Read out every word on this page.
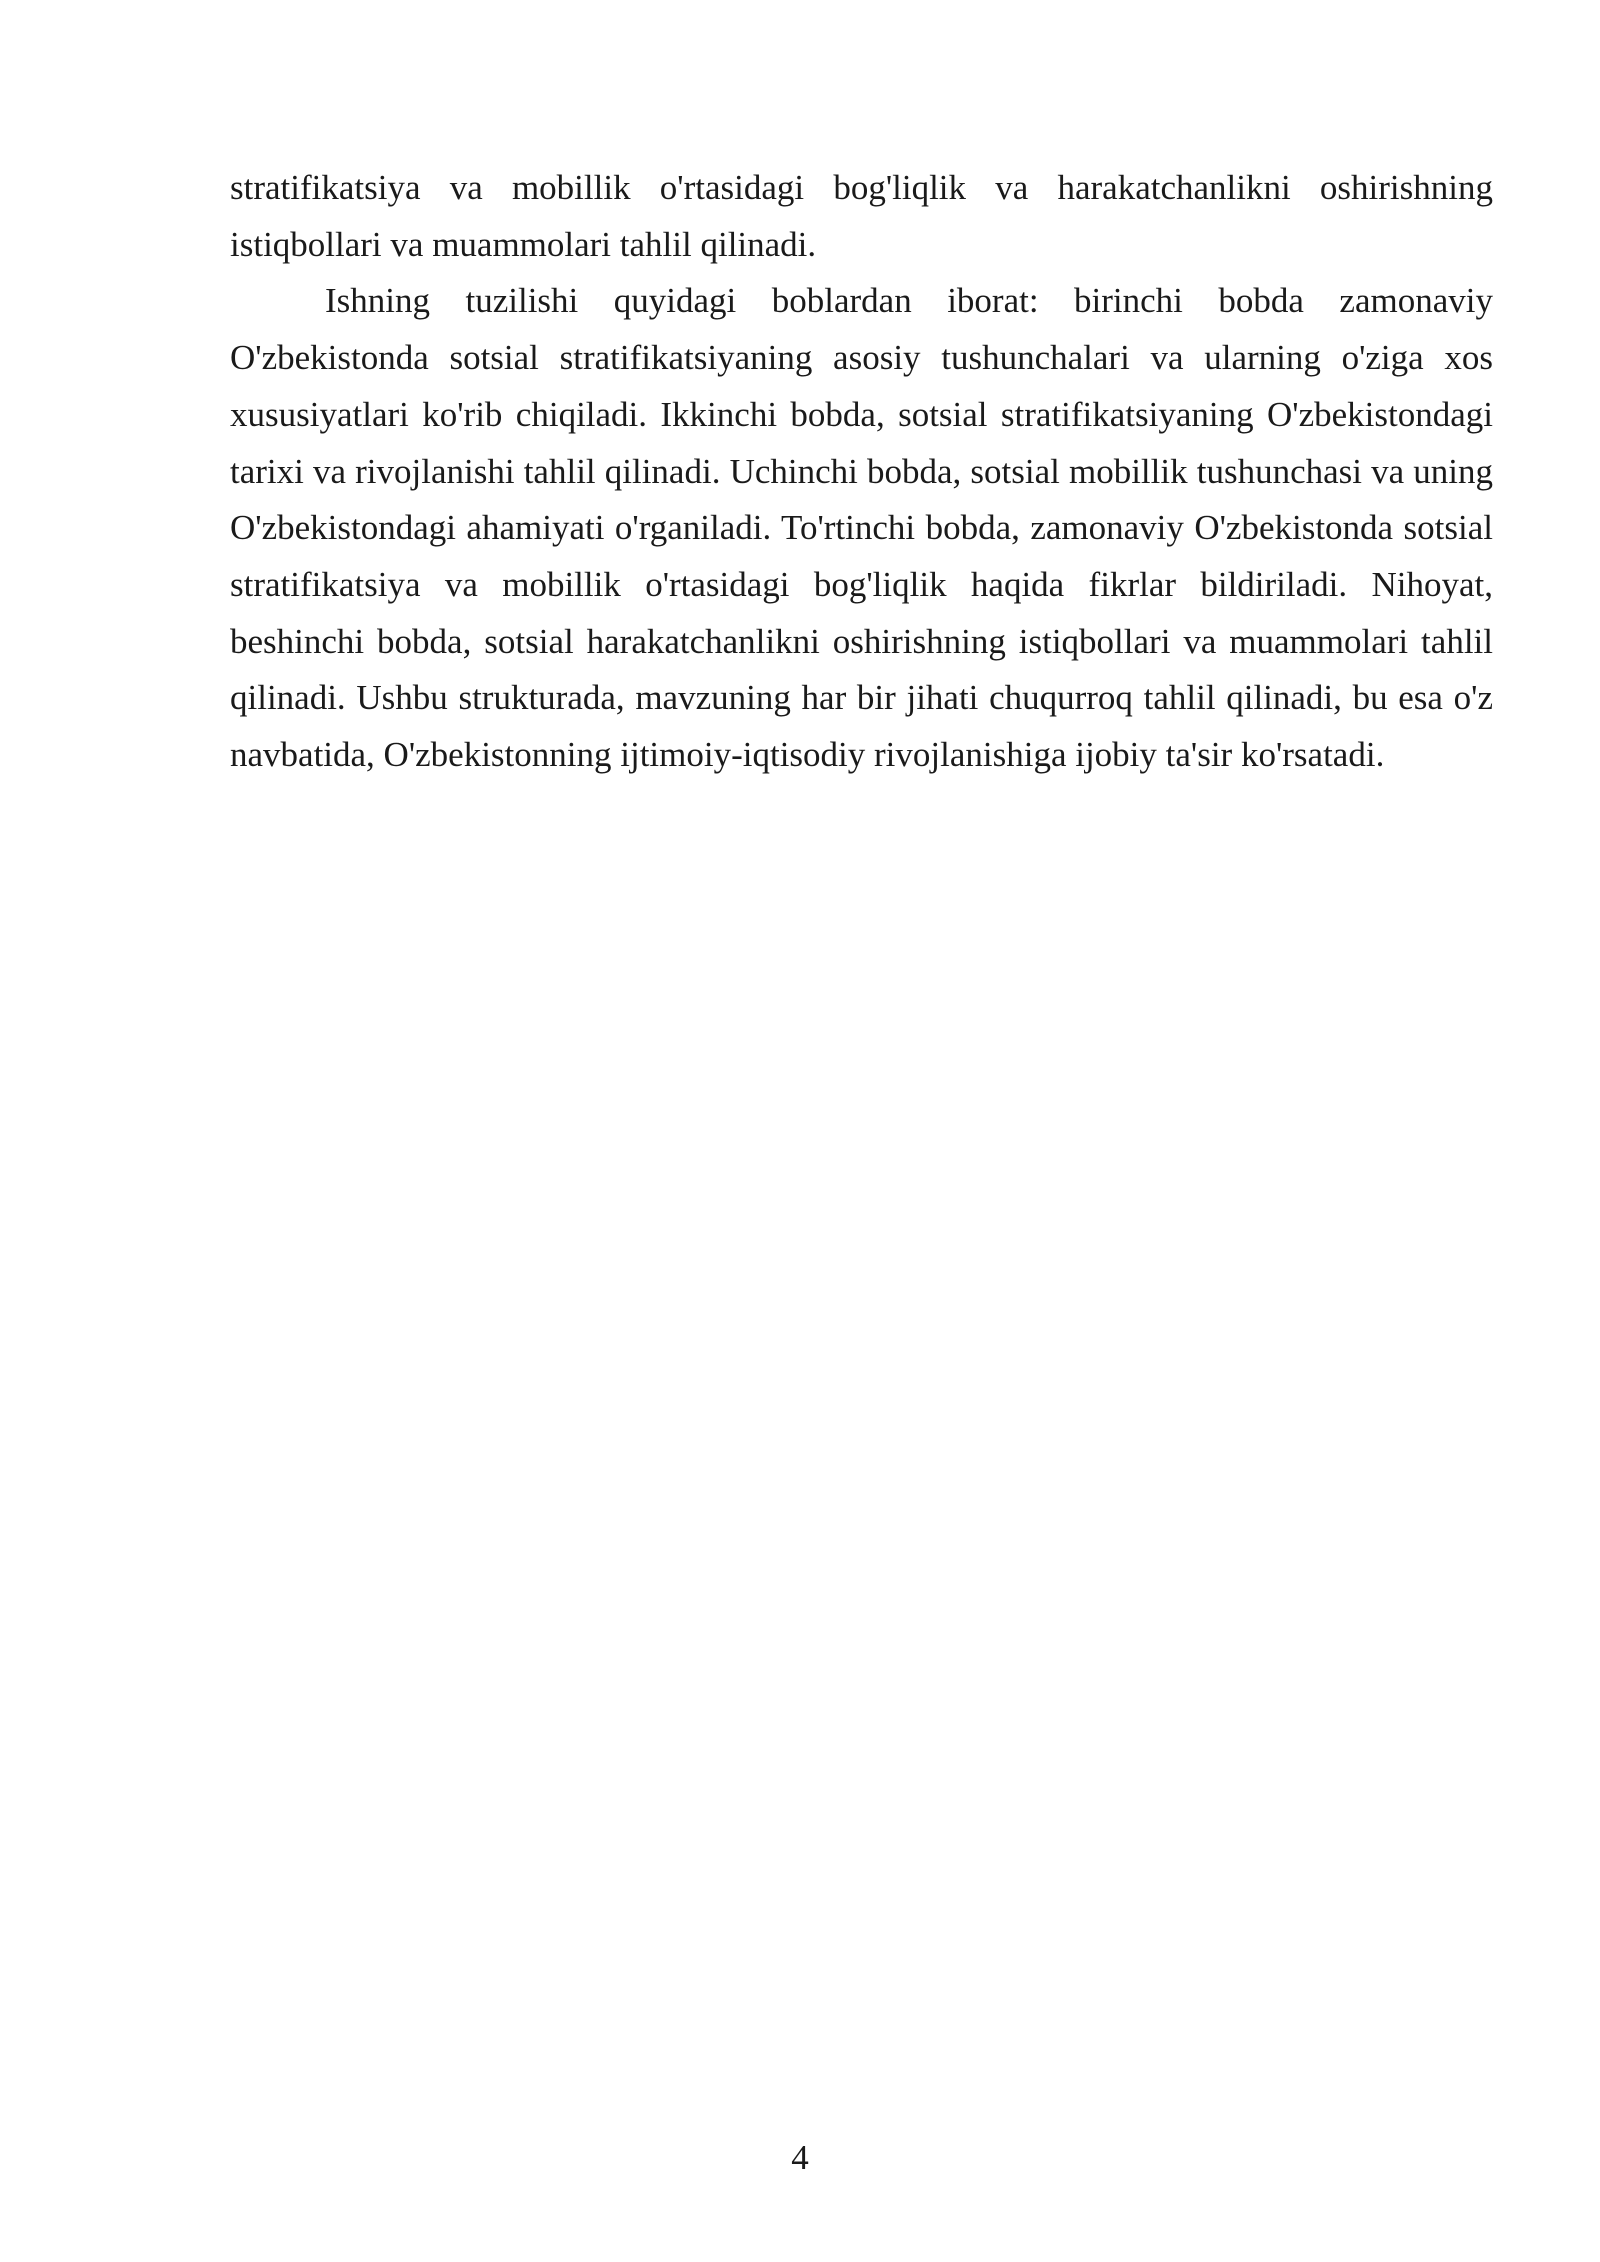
stratifikatsiya va mobillik o'rtasidagi bog'liqlik va harakatchanlikni oshirishning istiqbollari va muammolari tahlil qilinadi.

Ishning tuzilishi quyidagi boblardan iborat: birinchi bobda zamonaviy O'zbekistonda sotsial stratifikatsiyaning asosiy tushunchalari va ularning o'ziga xos xususiyatlari ko'rib chiqiladi. Ikkinchi bobda, sotsial stratifikatsiyaning O'zbekistondagi tarixi va rivojlanishi tahlil qilinadi. Uchinchi bobda, sotsial mobillik tushunchasi va uning O'zbekistondagi ahamiyati o'rganiladi. To'rtinchi bobda, zamonaviy O'zbekistonda sotsial stratifikatsiya va mobillik o'rtasidagi bog'liqlik haqida fikrlar bildiriladi. Nihoyat, beshinchi bobda, sotsial harakatchanlikni oshirishning istiqbollari va muammolari tahlil qilinadi. Ushbu strukturada, mavzuning har bir jihati chuqurroq tahlil qilinadi, bu esa o'z navbatida, O'zbekistonning ijtimoiy-iqtisodiy rivojlanishiga ijobiy ta'sir ko'rsatadi.

4
